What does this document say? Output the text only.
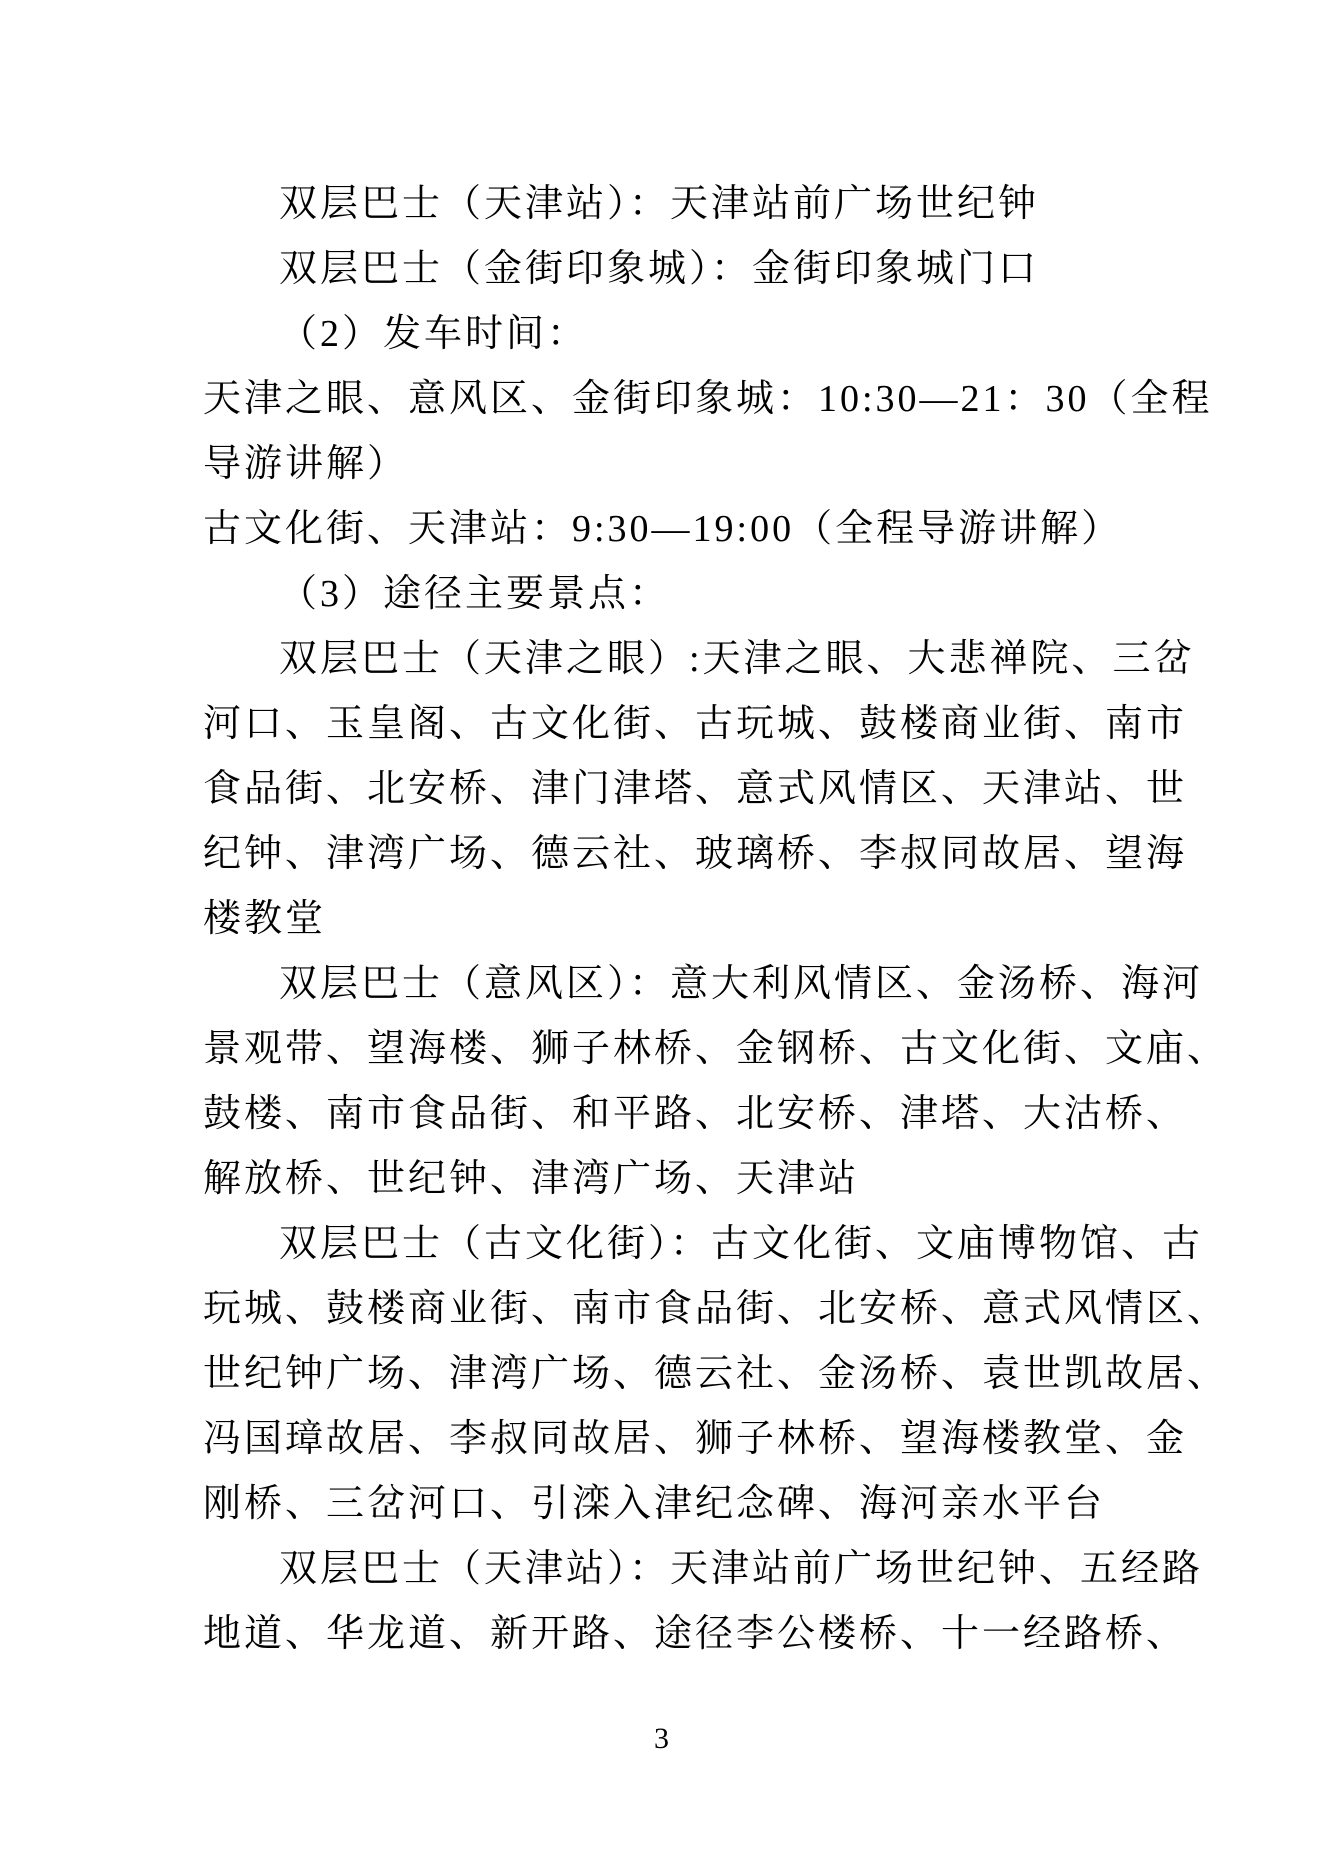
双层巴士（天津站）：天津站前广场世纪钟
双层巴士（金街印象城）：金街印象城门口
（2）发车时间：
天津之眼、意风区、金街印象城：10:30—21：30（全程
导游讲解）
古文化街、天津站：9:30—19:00（全程导游讲解）
（3）途径主要景点：
双层巴士（天津之眼）:天津之眼、大悲禅院、三岔
河口、玉皇阁、古文化街、古玩城、鼓楼商业街、南市
食品街、北安桥、津门津塔、意式风情区、天津站、世
纪钟、津湾广场、德云社、玻璃桥、李叔同故居、望海
楼教堂
双层巴士（意风区）：意大利风情区、金汤桥、海河
景观带、望海楼、狮子林桥、金钢桥、古文化街、文庙、
鼓楼、南市食品街、和平路、北安桥、津塔、大沽桥、
解放桥、世纪钟、津湾广场、天津站
双层巴士（古文化街）：古文化街、文庙博物馆、古
玩城、鼓楼商业街、南市食品街、北安桥、意式风情区、
世纪钟广场、津湾广场、德云社、金汤桥、袁世凯故居、
冯国璋故居、李叔同故居、狮子林桥、望海楼教堂、金
刚桥、三岔河口、引滦入津纪念碑、海河亲水平台
双层巴士（天津站）：天津站前广场世纪钟、五经路
地道、华龙道、新开路、途径李公楼桥、十一经路桥、
3
